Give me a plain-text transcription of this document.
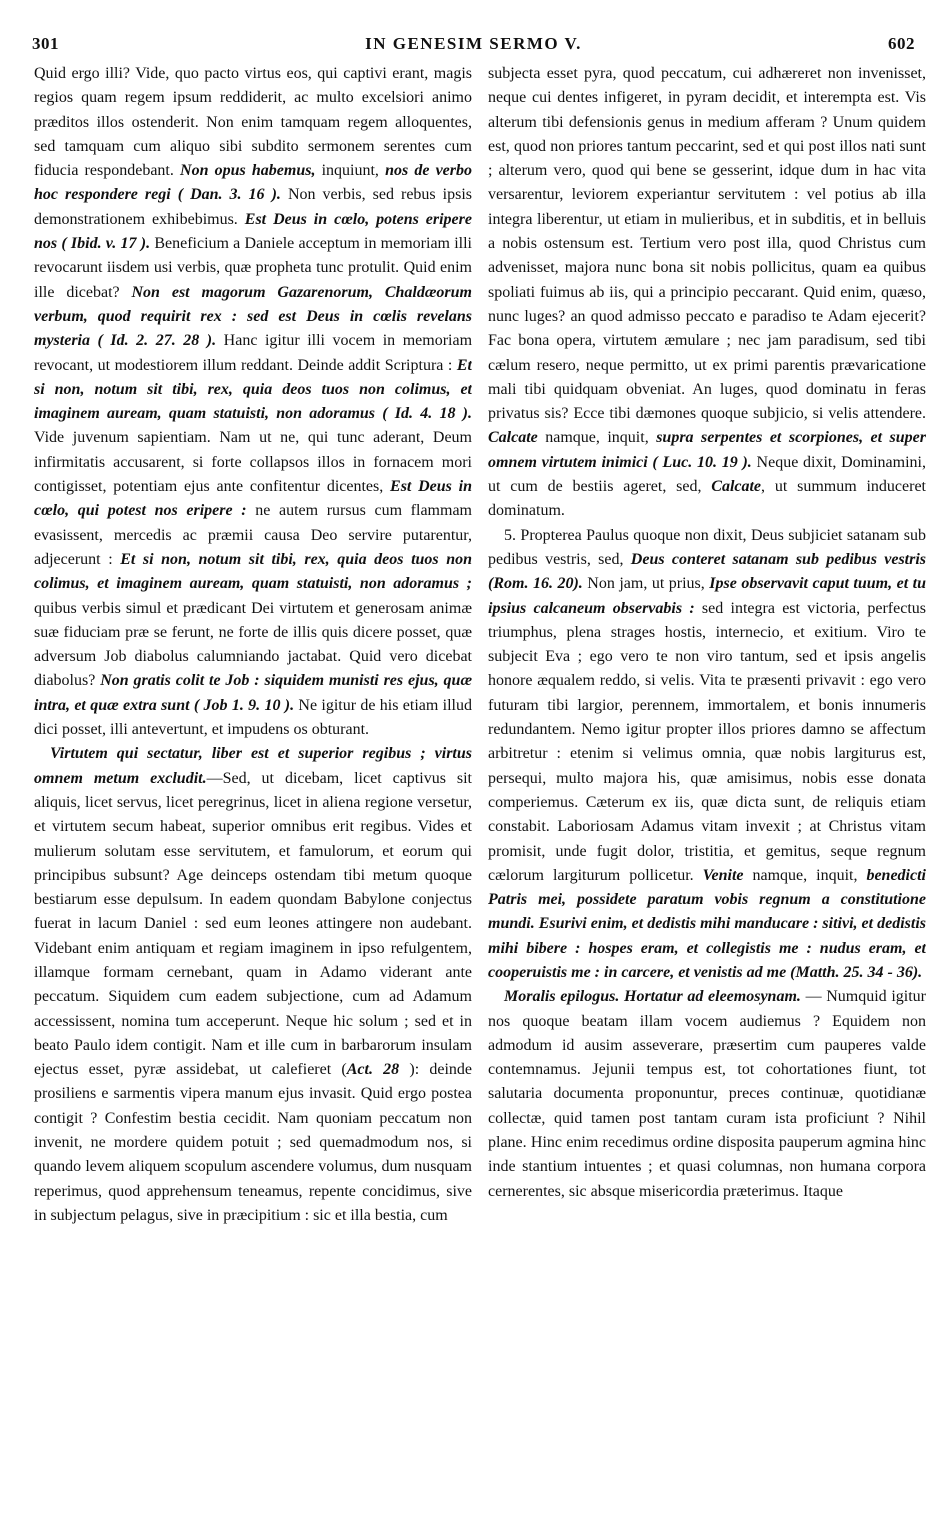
301	IN GENESIM SERMO V.	602

Quid ergo illi? Vide, quo pacto virtus eos, qui captivi erant, magis regios quam regem ipsum reddiderit, ac multo excelsiori animo præditos illos ostenderit. Non enim tamquam regem alloquentes, sed tamquam cum aliquo sibi subdito sermonem serentes cum fiducia respondebant. Non opus habemus, inquiunt, nos de verbo hoc respondere regi ( Dan. 3. 16 ). Non verbis, sed rebus ipsis demonstrationem exhibebimus. Est Deus in cœlo, potens eripere nos ( Ibid. v. 17 ). Beneficium a Daniele acceptum in memoriam illi revocarunt iisdem usi verbis, quæ propheta tunc protulit. Quid enim ille dicebat? Non est magorum Gazarenorum, Chaldæorum verbum, quod requirit rex : sed est Deus in cœlis revelans mysteria ( Id. 2. 27. 28 ). Hanc igitur illi vocem in memoriam revocant, ut modestiorem illum reddant. Deinde addit Scriptura : Et si non, notum sit tibi, rex, quia deos tuos non colimus, et imaginem auream, quam statuisti, non adoramus ( Id. 4. 18 ). Vide juvenum sapientiam. Nam ut ne, qui tunc aderant, Deum infirmitatis accusarent, si forte collapsos illos in fornacem mori contigisset, potentiam ejus ante confitentur dicentes, Est Deus in cœlo, qui potest nos eripere : ne autem rursus cum flammam evasissent, mercedis ac præmii causa Deo servire putarentur, adjecerunt : Et si non, notum sit tibi, rex, quia deos tuos non colimus, et imaginem auream, quam statuisti, non adoramus ; quibus verbis simul et prædicant Dei virtutem et generosam animæ suæ fiduciam præ se ferunt, ne forte de illis quis dicere posset, quæ adversum Job diabolus calumniando jactabat. Quid vero dicebat diabolus? Non gratis colit te Job : siquidem munisti res ejus, quæ intra, et quæ extra sunt ( Job 1. 9. 10 ). Ne igitur de his etiam illud dici posset, illi antevertunt, et impudens os obturant.

Virtutem qui sectatur, liber est et superior regibus ; virtus omnem metum excludit.—Sed, ut dicebam, licet captivus sit aliquis, licet servus, licet peregrinus, licet in aliena regione versetur, et virtutem secum habeat, superior omnibus erit regibus. Vides et mulierum solutam esse servitutem, et famulorum, et eorum qui principibus subsunt? Age deinceps ostendam tibi metum quoque bestiarum esse depulsum. In eadem quondam Babylone conjectus fuerat in lacum Daniel : sed eum leones attingere non audebant. Videbant enim antiquam et regiam imaginem in ipso refulgentem, illamque formam cernebant, quam in Adamo viderant ante peccatum. Siquidem cum eadem subjectione, cum ad Adamum accessissent, nomina tum acceperunt. Neque hic solum ; sed et in beato Paulo idem contigit. Nam et ille cum in barbarorum insulam ejectus esset, pyræ assidebat, ut calefieret (Act. 28 ): deinde prosiliens e sarmentis vipera manum ejus invasit. Quid ergo postea contigit ? Confestim bestia cecidit. Nam quoniam peccatum non invenit, ne mordere quidem potuit ; sed quemadmodum nos, si quando levem aliquem scopulum ascendere volumus, dum nusquam reperimus, quod apprehensum teneamus, repente concidimus, sive in subjectum pelagus, sive in præcipitium : sic et illa bestia, cum

subjecta esset pyra, quod peccatum, cui adhæreret non invenisset, neque cui dentes infigeret, in pyram decidit, et interempta est. Vis alterum tibi defensionis genus in medium afferam ? Unum quidem est, quod non priores tantum peccarint, sed et qui post illos nati sunt ; alterum vero, quod qui bene se gesserint, idque dum in hac vita versarentur, leviorem experiantur servitutem : vel potius ab illa integra liberentur, ut etiam in mulieribus, et in subditis, et in belluis a nobis ostensum est. Tertium vero post illa, quod Christus cum advenisset, majora nunc bona sit nobis pollicitus, quam ea quibus spoliati fuimus ab iis, qui a principio peccarant. Quid enim, quæso, nunc luges? an quod admisso peccato e paradiso te Adam ejecerit? Fac bona opera, virtutem æmulare ; nec jam paradisum, sed tibi cælum resero, neque permitto, ut ex primi parentis prævaricatione mali tibi quidquam obveniat. An luges, quod dominatu in feras privatus sis? Ecce tibi dæmones quoque subjicio, si velis attendere. Calcate namque, inquit, supra serpentes et scorpiones, et super omnem virtutem inimici ( Luc. 10. 19 ). Neque dixit, Dominamini, ut cum de bestiis ageret, sed, Calcate, ut summum induceret dominatum.

5. Propterea Paulus quoque non dixit, Deus subjiciet satanam sub pedibus vestris, sed, Deus conteret satanam sub pedibus vestris (Rom. 16. 20). Non jam, ut prius, Ipse observavit caput tuum, et tu ipsius calcaneum observabis : sed integra est victoria, perfectus triumphus, plena strages hostis, internecio, et exitium. Viro te subjecit Eva ; ego vero te non viro tantum, sed et ipsis angelis honore æqualem reddo, si velis. Vita te præsenti privavit : ego vero futuram tibi largior, perennem, immortalem, et bonis innumeris redundantem. Nemo igitur propter illos priores damno se affectum arbitretur : etenim si velimus omnia, quæ nobis largiturus est, persequi, multo majora his, quæ amisimus, nobis esse donata comperiemus. Cæterum ex iis, quæ dicta sunt, de reliquis etiam constabit. Laboriosam Adamus vitam invexit ; at Christus vitam promisit, unde fugit dolor, tristitia, et gemitus, seque regnum cælorum largiturum pollicetur. Venite namque, inquit, benedicti Patris mei, possidete paratum vobis regnum a constitutione mundi. Esurivi enim, et dedistis mihi manducare : sitivi, et dedistis mihi bibere : hospes eram, et collegistis me : nudus eram, et cooperuistis me : in carcere, et venistis ad me (Matth. 25. 34 - 36).

Moralis epilogus. Hortatur ad eleemosynam. — Numquid igitur nos quoque beatam illam vocem audiemus ? Equidem non admodum id ausim asseverare, præsertim cum pauperes valde contemnamus. Jejunii tempus est, tot cohortationes fiunt, tot salutaria documenta proponuntur, preces continuæ, quotidianæ collectæ, quid tamen post tantam curam ista proficiunt ? Nihil plane. Hinc enim recedimus ordine disposita pauperum agmina hinc inde stantium intuentes ; et quasi columnas, non humana corpora cernerentes, sic absque misericordia præterimus. Itaque
